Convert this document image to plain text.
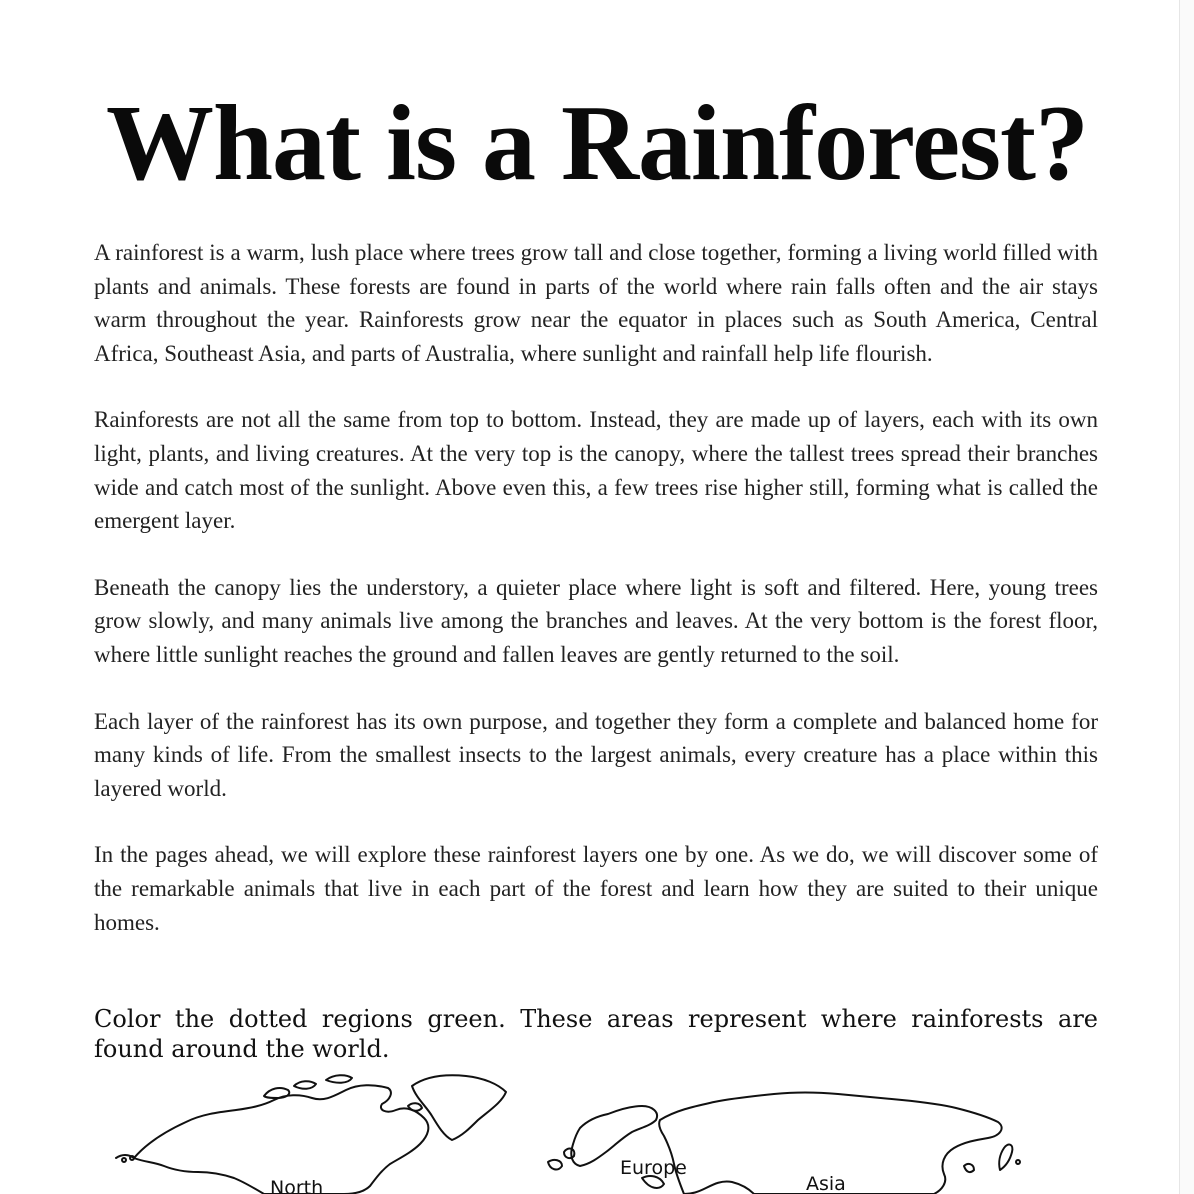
What is a Rainforest?

A rainforest is a warm, lush place where trees grow tall and close together, forming a living world filled with plants and animals. These forests are found in parts of the world where rain falls often and the air stays warm throughout the year. Rainforests grow near the equator in places such as South America, Central Africa, Southeast Asia, and parts of Australia, where sunlight and rainfall help life flourish.

Rainforests are not all the same from top to bottom. Instead, they are made up of layers, each with its own light, plants, and living creatures. At the very top is the canopy, where the tallest trees spread their branches wide and catch most of the sunlight. Above even this, a few trees rise higher still, forming what is called the emergent layer.

Beneath the canopy lies the understory, a quieter place where light is soft and filtered. Here, young trees grow slowly, and many animals live among the branches and leaves. At the very bottom is the forest floor, where little sunlight reaches the ground and fallen leaves are gently returned to the soil.

Each layer of the rainforest has its own purpose, and together they form a complete and balanced home for many kinds of life. From the smallest insects to the largest animals, every creature has a place within this layered world.

In the pages ahead, we will explore these rainforest layers one by one. As we do, we will discover some of the remarkable animals that live in each part of the forest and learn how they are suited to their unique homes.

Color the dotted regions green. These areas represent where rainforests are found around the world.

North
Europe
Asia
